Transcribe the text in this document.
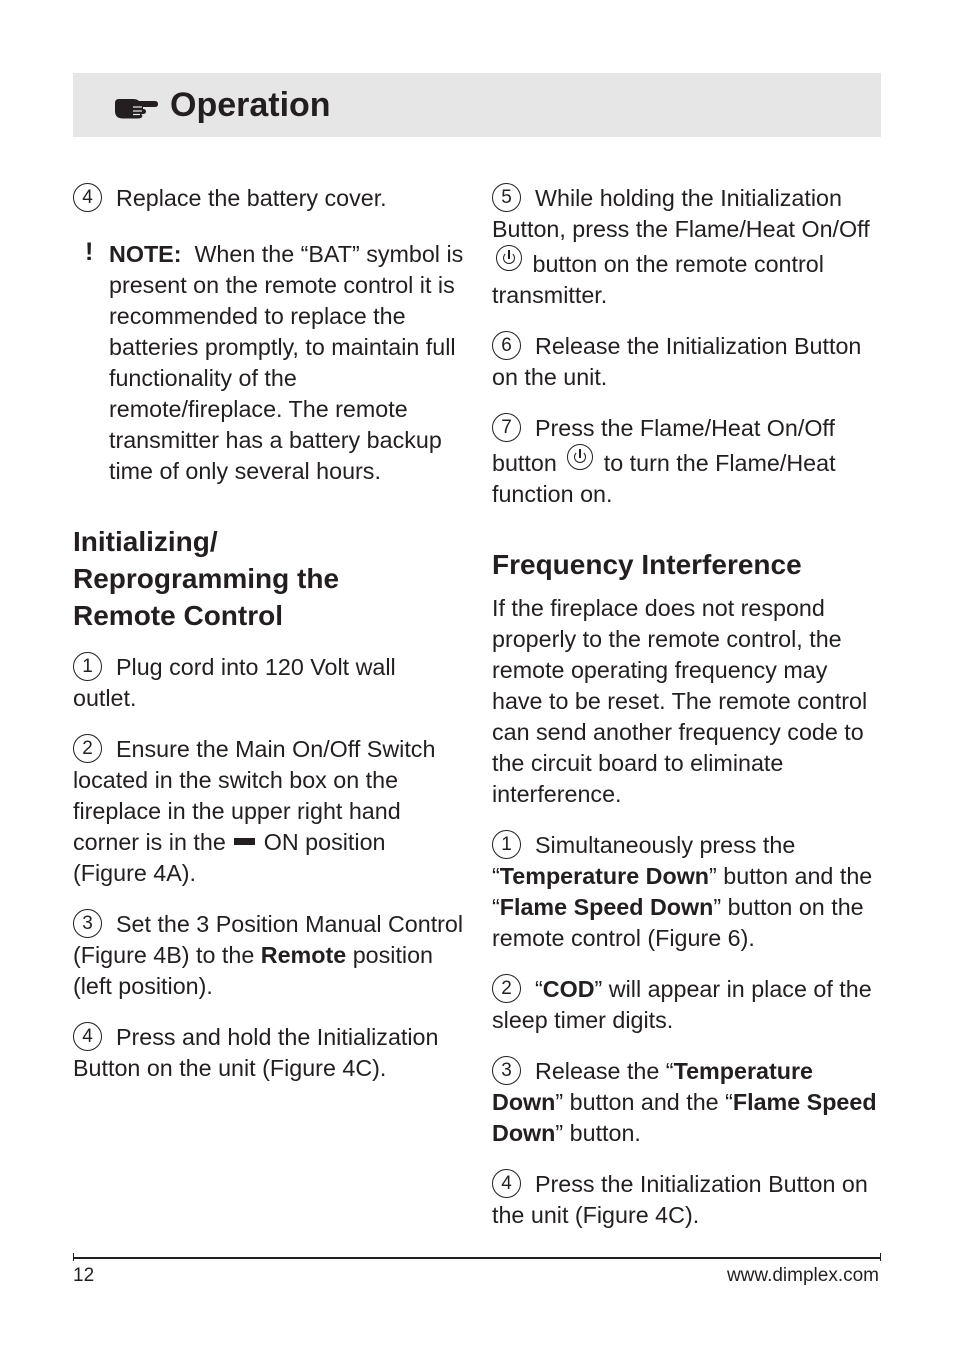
Operation

4 Replace the battery cover.

! NOTE: When the “BAT” symbol is present on the remote control it is recommended to replace the batteries promptly, to maintain full functionality of the remote/fireplace. The remote transmitter has a battery backup time of only several hours.

Initializing/
Reprogramming the
Remote Control

1 Plug cord into 120 Volt wall outlet.

2 Ensure the Main On/Off Switch located in the switch box on the fireplace in the upper right hand corner is in the ON position (Figure 4A).

3 Set the 3 Position Manual Control (Figure 4B) to the Remote position (left position).

4 Press and hold the Initialization Button on the unit (Figure 4C).

5 While holding the Initialization Button, press the Flame/Heat On/Off  button on the remote control transmitter.

6 Release the Initialization Button on the unit.

7 Press the Flame/Heat On/Off button to turn the Flame/Heat function on.

Frequency Interference

If the fireplace does not respond properly to the remote control, the remote operating frequency may have to be reset. The remote control can send another frequency code to the circuit board to eliminate interference.

1 Simultaneously press the “Temperature Down” button and the “Flame Speed Down” button on the remote control (Figure 6).

2 “COD” will appear in place of the sleep timer digits.

3 Release the “Temperature Down” button and the “Flame Speed Down” button.

4 Press the Initialization Button on the unit (Figure 4C).

12	www.dimplex.com
